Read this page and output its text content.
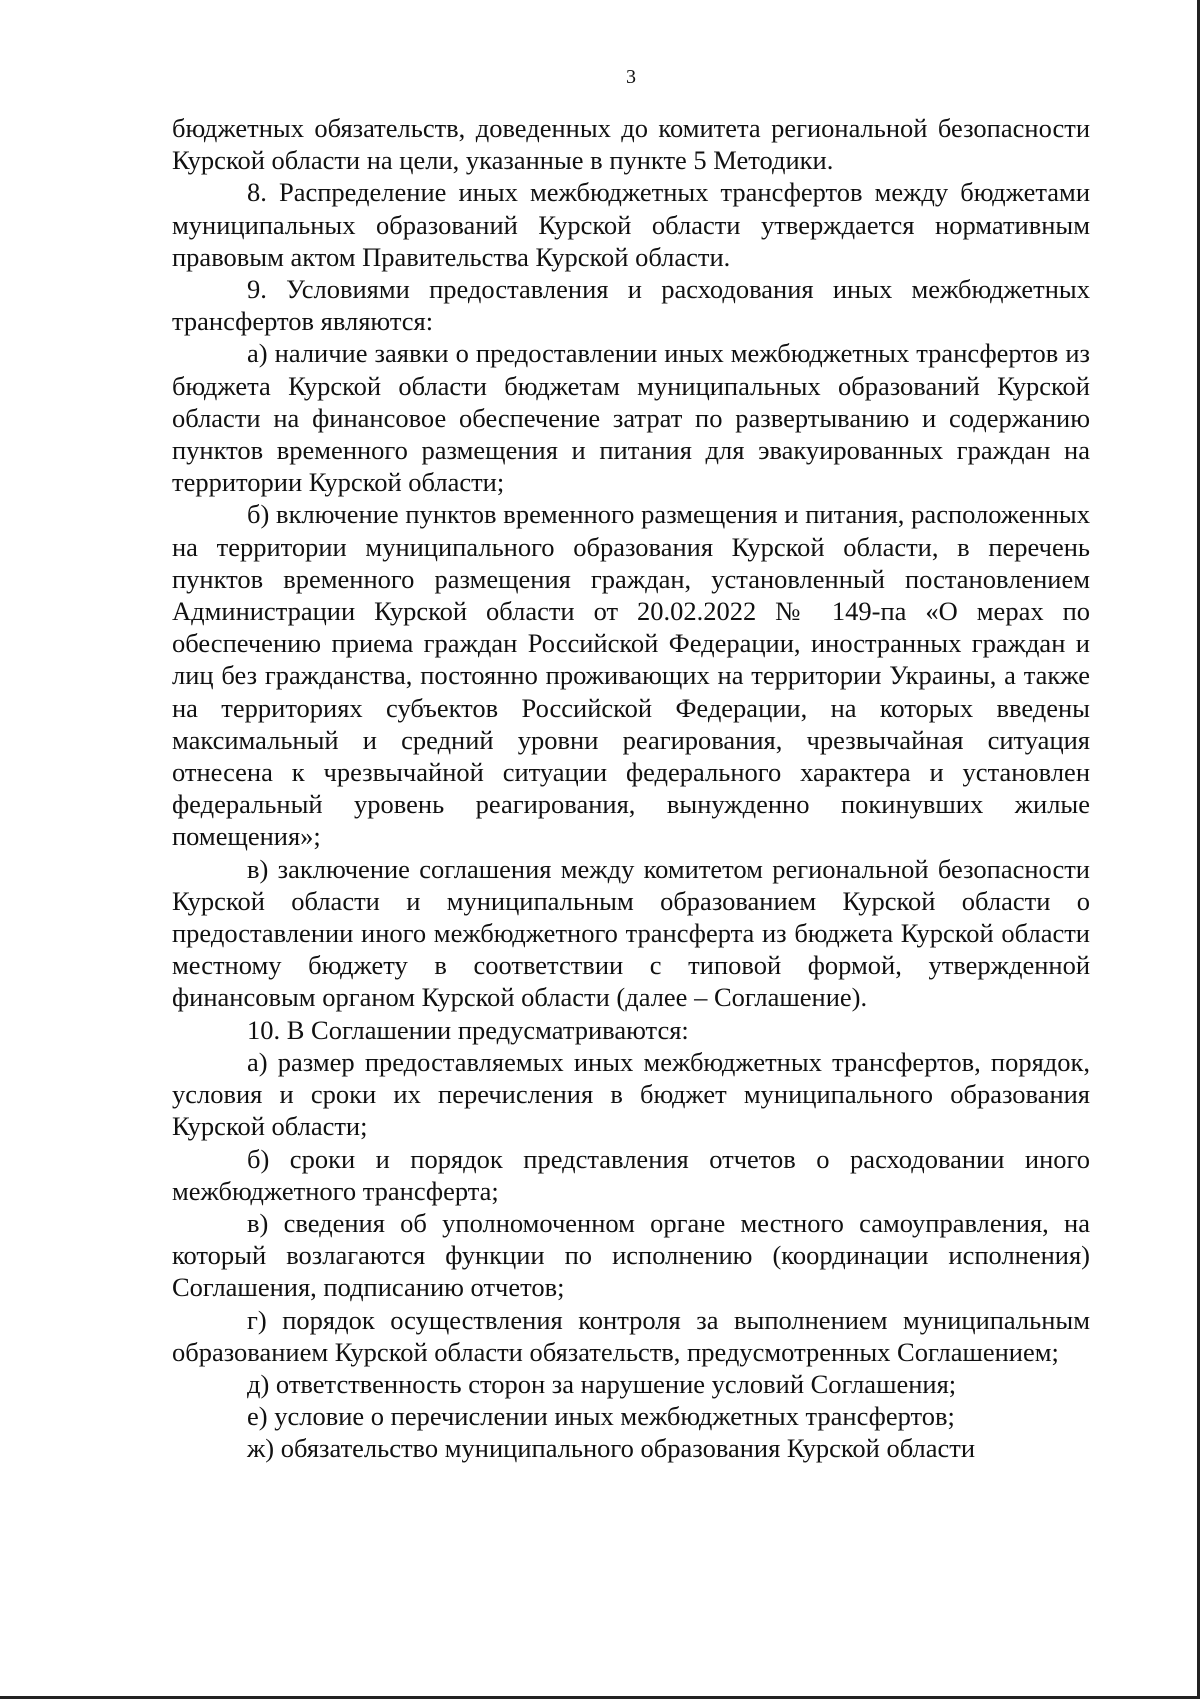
3

бюджетных обязательств, доведенных до комитета региональной безопасности Курской области на цели, указанные в пункте 5 Методики.

8. Распределение иных межбюджетных трансфертов между бюджетами муниципальных образований Курской области утверждается нормативным правовым актом Правительства Курской области.

9. Условиями предоставления и расходования иных межбюджетных трансфертов являются:

а) наличие заявки о предоставлении иных межбюджетных трансфертов из бюджета Курской области бюджетам муниципальных образований Курской области на финансовое обеспечение затрат по развертыванию и содержанию пунктов временного размещения и питания для эвакуированных граждан на территории Курской области;

б) включение пунктов временного размещения и питания, расположенных на территории муниципального образования Курской области, в перечень пунктов временного размещения граждан, установленный постановлением Администрации Курской области от 20.02.2022 № 149-па «О мерах по обеспечению приема граждан Российской Федерации, иностранных граждан и лиц без гражданства, постоянно проживающих на территории Украины, а также на территориях субъектов Российской Федерации, на которых введены максимальный и средний уровни реагирования, чрезвычайная ситуация отнесена к чрезвычайной ситуации федерального характера и установлен федеральный уровень реагирования, вынужденно покинувших жилые помещения»;

в) заключение соглашения между комитетом региональной безопасности Курской области и муниципальным образованием Курской области о предоставлении иного межбюджетного трансферта из бюджета Курской области местному бюджету в соответствии с типовой формой, утвержденной финансовым органом Курской области (далее – Соглашение).

10. В Соглашении предусматриваются:

а) размер предоставляемых иных межбюджетных трансфертов, порядок, условия и сроки их перечисления в бюджет муниципального образования Курской области;

б) сроки и порядок представления отчетов о расходовании иного межбюджетного трансферта;

в) сведения об уполномоченном органе местного самоуправления, на который возлагаются функции по исполнению (координации исполнения) Соглашения, подписанию отчетов;

г) порядок осуществления контроля за выполнением муниципальным образованием Курской области обязательств, предусмотренных Соглашением;

д) ответственность сторон за нарушение условий Соглашения;

е) условие о перечислении иных межбюджетных трансфертов;

ж) обязательство муниципального образования Курской области
